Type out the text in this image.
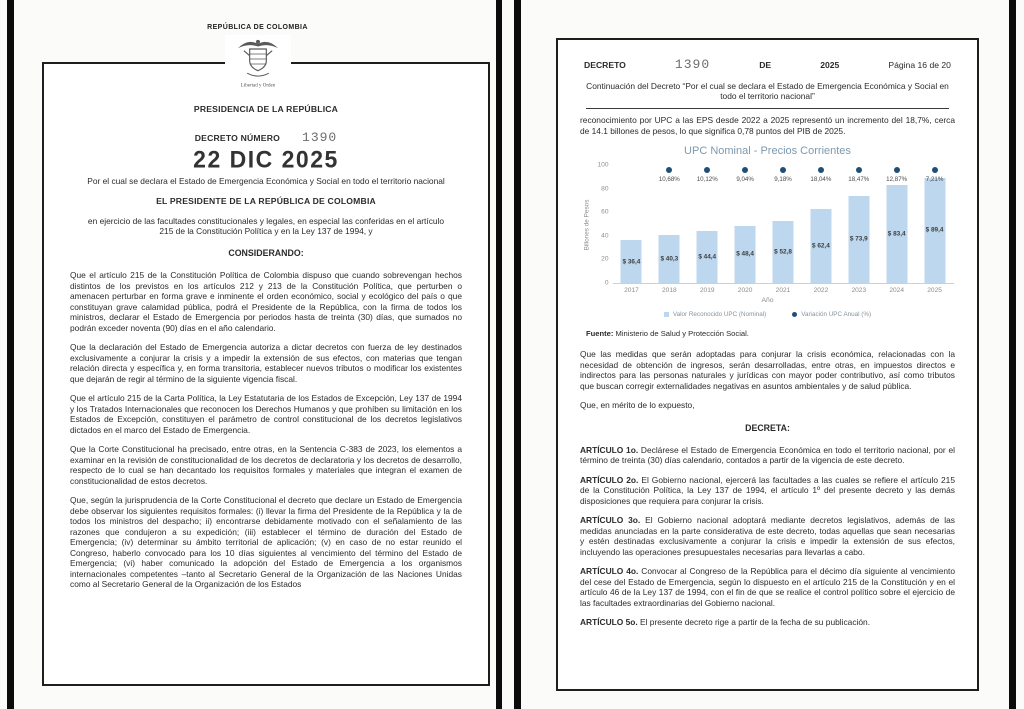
REPÚBLICA DE COLOMBIA
Libertad y Orden
PRESIDENCIA DE LA REPÚBLICA
DECRETO NÚMERO 1390
22 DIC 2025
Por el cual se declara el Estado de Emergencia Económica y Social en todo el territorio nacional
EL PRESIDENTE DE LA REPÚBLICA DE COLOMBIA
en ejercicio de las facultades constitucionales y legales, en especial las conferidas en el artículo 215 de la Constitución Política y en la Ley 137 de 1994, y
CONSIDERANDO:
Que el artículo 215 de la Constitución Política de Colombia dispuso que cuando sobrevengan hechos distintos de los previstos en los artículos 212 y 213 de la Constitución Política, que perturben o amenacen perturbar en forma grave e inminente el orden económico, social y ecológico del país o que constituyan grave calamidad pública, podrá el Presidente de la República, con la firma de todos los ministros, declarar el Estado de Emergencia por periodos hasta de treinta (30) días, que sumados no podrán exceder noventa (90) días en el año calendario.
Que la declaración del Estado de Emergencia autoriza a dictar decretos con fuerza de ley destinados exclusivamente a conjurar la crisis y a impedir la extensión de sus efectos, con materias que tengan relación directa y específica y, en forma transitoria, establecer nuevos tributos o modificar los existentes que dejarán de regir al término de la siguiente vigencia fiscal.
Que el artículo 215 de la Carta Política, la Ley Estatutaria de los Estados de Excepción, Ley 137 de 1994 y los Tratados Internacionales que reconocen los Derechos Humanos y que prohíben su limitación en los Estados de Excepción, constituyen el parámetro de control constitucional de los decretos legislativos dictados en el marco del Estado de Emergencia.
Que la Corte Constitucional ha precisado, entre otras, en la Sentencia C-383 de 2023, los elementos a examinar en la revisión de constitucionalidad de los decretos de declaratoria y los decretos de desarrollo, respecto de lo cual se han decantado los requisitos formales y materiales que integran el examen de constitucionalidad de estos decretos.
Que, según la jurisprudencia de la Corte Constitucional el decreto que declare un Estado de Emergencia debe observar los siguientes requisitos formales: (i) llevar la firma del Presidente de la República y la de todos los ministros del despacho; ii) encontrarse debidamente motivado con el señalamiento de las razones que condujeron a su expedición; (iii) establecer el término de duración del Estado de Emergencia; (iv) determinar su ámbito territorial de aplicación; (v) en caso de no estar reunido el Congreso, haberlo convocado para los 10 días siguientes al vencimiento del término del Estado de Emergencia; (vi) haber comunicado la adopción del Estado de Emergencia a los organismos internacionales competentes –tanto al Secretario General de la Organización de las Naciones Unidas como al Secretario General de la Organización de los Estados
DECRETO	1390	DE	2025	Página 16 de 20
Continuación del Decreto “Por el cual se declara el Estado de Emergencia Económica y Social en todo el territorio nacional”
reconocimiento por UPC a las EPS desde 2022 a 2025 representó un incremento del 18,7%, cerca de 14.1 billones de pesos, lo que significa 0,78 puntos del PIB de 2025.
UPC Nominal - Precios Corrientes
Billones de Pesos
0
20
40
60
80
100
$ 36,4	$ 40,3
10,68%
$ 44,4
10,12%
$ 48,4
9,04%
$ 52,8
9,18%
$ 62,4
18,04%
$ 73,9
18,47%
$ 83,4
12,87%
$ 89,4
7,21%
2017	2018	2019	2020	2021	2022	2023	2024	2025
Año
Valor Reconocido UPC (Nominal)	Variación UPC Anual (%)
Fuente: Ministerio de Salud y Protección Social.
Que las medidas que serán adoptadas para conjurar la crisis económica, relacionadas con la necesidad de obtención de ingresos, serán desarrolladas, entre otras, en impuestos directos e indirectos para las personas naturales y jurídicas con mayor poder contributivo, así como tributos que buscan corregir externalidades negativas en asuntos ambientales y de salud pública.
Que, en mérito de lo expuesto,
DECRETA:
ARTÍCULO 1o. Declárese el Estado de Emergencia Económica en todo el territorio nacional, por el término de treinta (30) días calendario, contados a partir de la vigencia de este decreto.
ARTÍCULO 2o. El Gobierno nacional, ejercerá las facultades a las cuales se refiere el artículo 215 de la Constitución Política, la Ley 137 de 1994, el artículo 1º del presente decreto y las demás disposiciones que requiera para conjurar la crisis.
ARTÍCULO 3o. El Gobierno nacional adoptará mediante decretos legislativos, además de las medidas anunciadas en la parte considerativa de este decreto, todas aquellas que sean necesarias y estén destinadas exclusivamente a conjurar la crisis e impedir la extensión de sus efectos, incluyendo las operaciones presupuestales necesarias para llevarlas a cabo.
ARTÍCULO 4o. Convocar al Congreso de la República para el décimo día siguiente al vencimiento del cese del Estado de Emergencia, según lo dispuesto en el artículo 215 de la Constitución y en el artículo 46 de la Ley 137 de 1994, con el fin de que se realice el control político sobre el ejercicio de las facultades extraordinarias del Gobierno nacional.
ARTÍCULO 5o. El presente decreto rige a partir de la fecha de su publicación.
